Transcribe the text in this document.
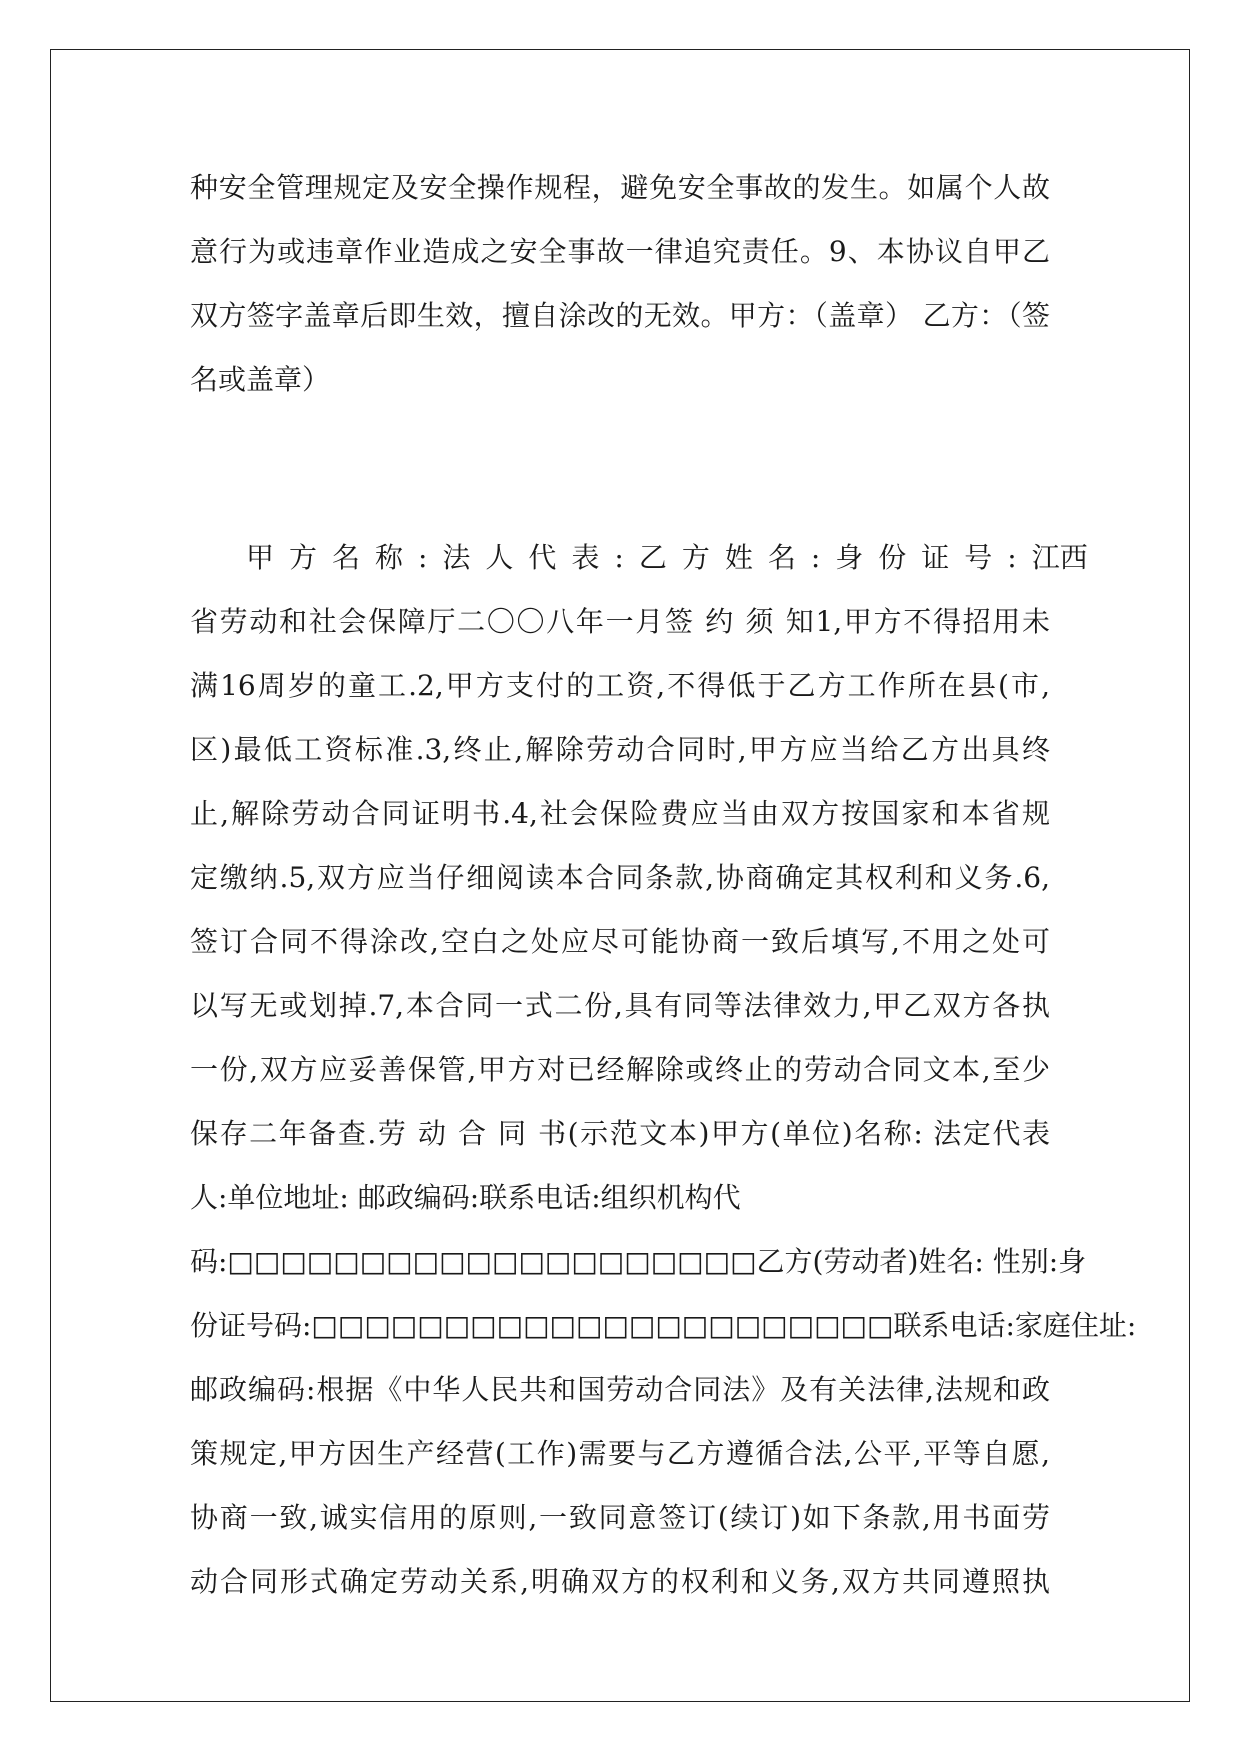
种安全管理规定及安全操作规程，避免安全事故的发生。如属个人故
意行为或违章作业造成之安全事故一律追究责任。9、本协议自甲乙
双方签字盖章后即生效，擅自涂改的无效。甲方：（盖章） 乙方：（签
名或盖章）
甲方名称:法人代表:乙方姓名:身份证号:江西
省劳动和社会保障厅二〇〇八年一月签 约 须 知1,甲方不得招用未
满16周岁的童工.2,甲方支付的工资,不得低于乙方工作所在县(市,
区)最低工资标准.3,终止,解除劳动合同时,甲方应当给乙方出具终
止,解除劳动合同证明书.4,社会保险费应当由双方按国家和本省规
定缴纳.5,双方应当仔细阅读本合同条款,协商确定其权利和义务.6,
签订合同不得涂改,空白之处应尽可能协商一致后填写,不用之处可
以写无或划掉.7,本合同一式二份,具有同等法律效力,甲乙双方各执
一份,双方应妥善保管,甲方对已经解除或终止的劳动合同文本,至少
保存二年备查.劳 动 合 同 书(示范文本)甲方(单位)名称: 法定代表
人:单位地址: 邮政编码:联系电话:组织机构代
码:□□□□□□□□□□□□□□□□□□□□乙方(劳动者)姓名: 性别:身
份证号码:□□□□□□□□□□□□□□□□□□□□□□联系电话:家庭住址:
邮政编码:根据《中华人民共和国劳动合同法》及有关法律,法规和政
策规定,甲方因生产经营(工作)需要与乙方遵循合法,公平,平等自愿,
协商一致,诚实信用的原则,一致同意签订(续订)如下条款,用书面劳
动合同形式确定劳动关系,明确双方的权利和义务,双方共同遵照执
